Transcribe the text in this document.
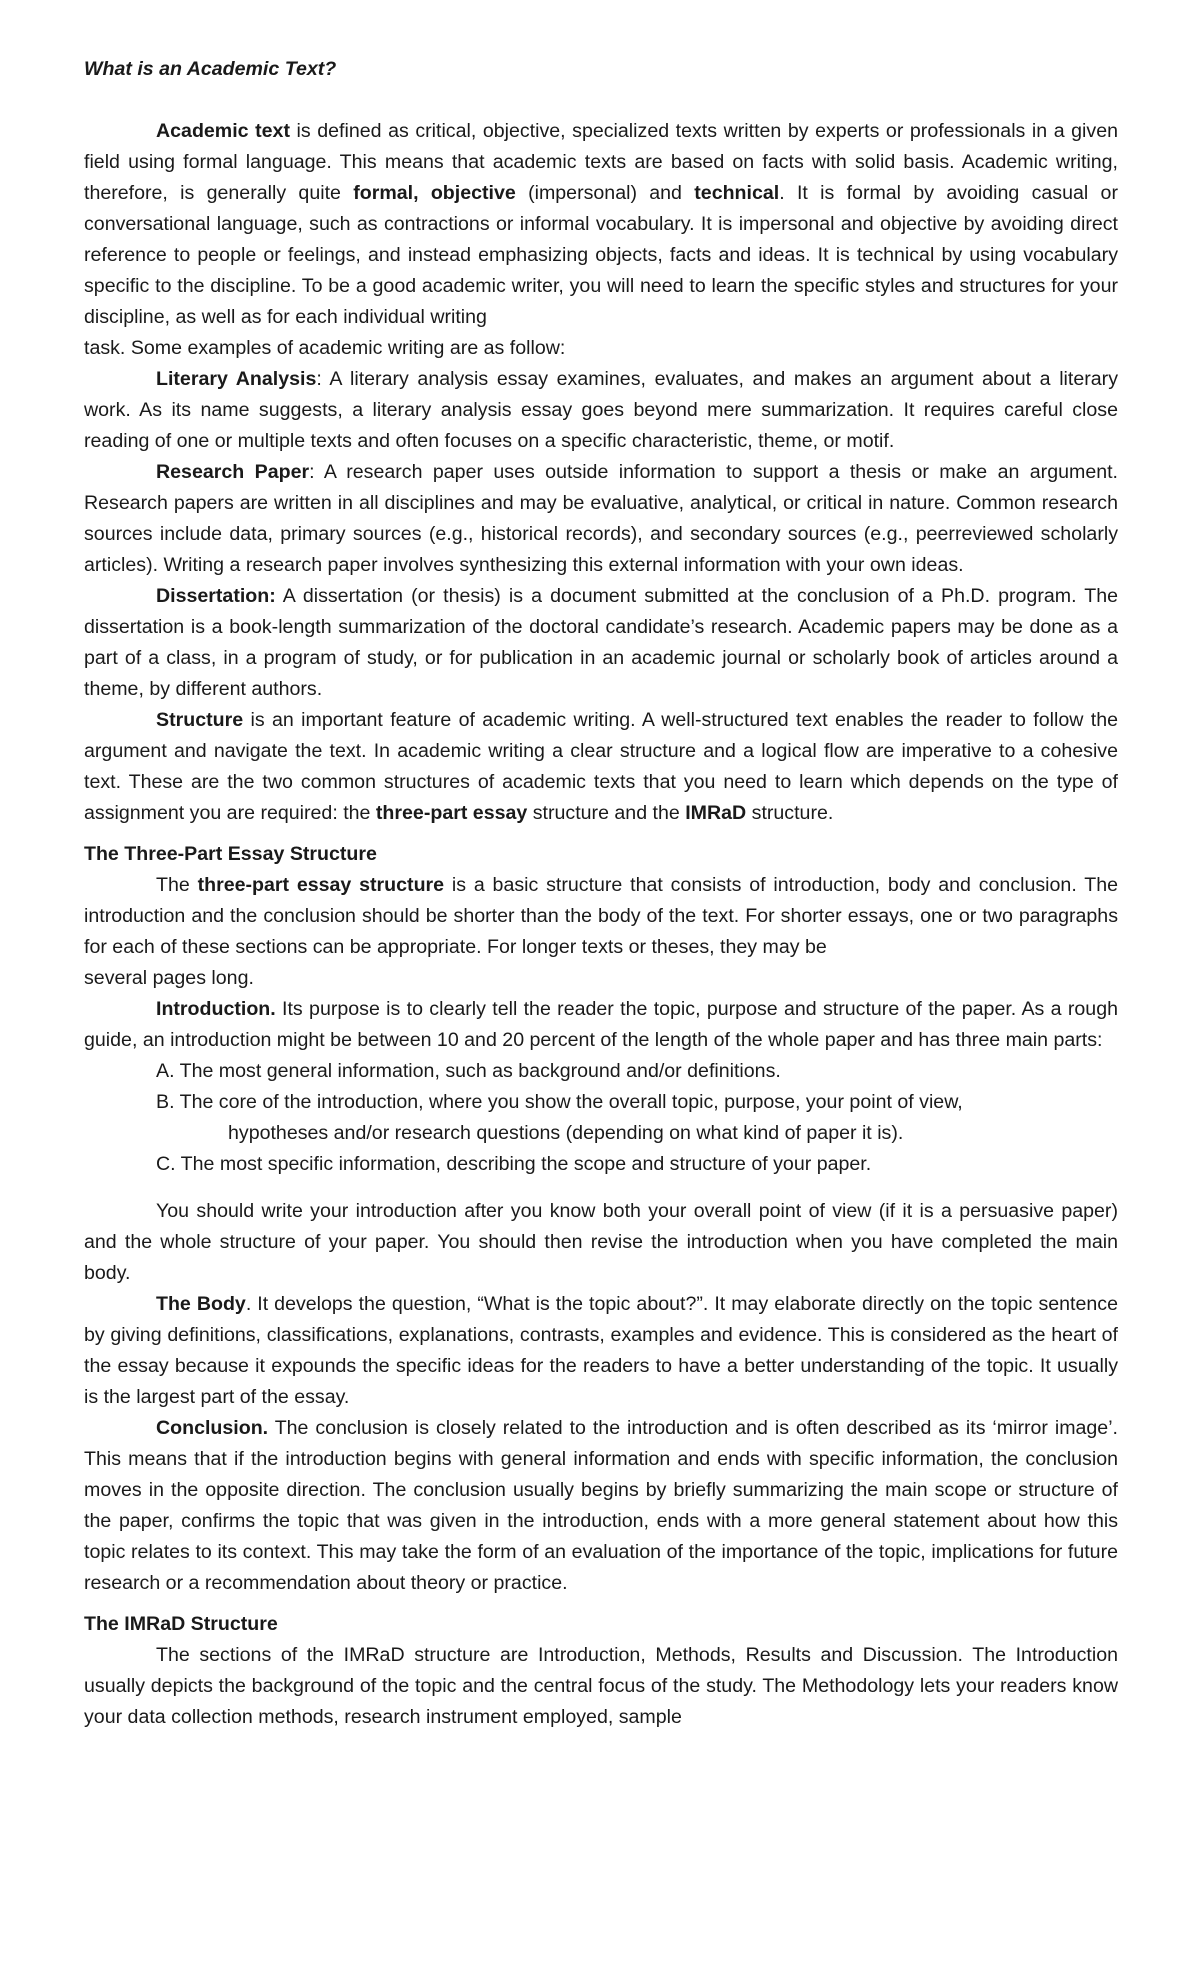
What is an Academic Text?

Academic text is defined as critical, objective, specialized texts written by experts or professionals in a given field using formal language. This means that academic texts are based on facts with solid basis. Academic writing, therefore, is generally quite formal, objective (impersonal) and technical. It is formal by avoiding casual or conversational language, such as contractions or informal vocabulary. It is impersonal and objective by avoiding direct reference to people or feelings, and instead emphasizing objects, facts and ideas. It is technical by using vocabulary specific to the discipline. To be a good academic writer, you will need to learn the specific styles and structures for your discipline, as well as for each individual writing

task. Some examples of academic writing are as follow:

Literary Analysis: A literary analysis essay examines, evaluates, and makes an argument about a literary work. As its name suggests, a literary analysis essay goes beyond mere summarization. It requires careful close reading of one or multiple texts and often focuses on a specific characteristic, theme, or motif.

Research Paper: A research paper uses outside information to support a thesis or make an argument. Research papers are written in all disciplines and may be evaluative, analytical, or critical in nature. Common research sources include data, primary sources (e.g., historical records), and secondary sources (e.g., peerreviewed scholarly articles). Writing a research paper involves synthesizing this external information with your own ideas.

Dissertation: A dissertation (or thesis) is a document submitted at the conclusion of a Ph.D. program. The dissertation is a book-length summarization of the doctoral candidate’s research. Academic papers may be done as a part of a class, in a program of study, or for publication in an academic journal or scholarly book of articles around a theme, by different authors.

Structure is an important feature of academic writing. A well-structured text enables the reader to follow the argument and navigate the text. In academic writing a clear structure and a logical flow are imperative to a cohesive text. These are the two common structures of academic texts that you need to learn which depends on the type of assignment you are required: the three-part essay structure and the IMRaD structure.

The Three-Part Essay Structure

The three-part essay structure is a basic structure that consists of introduction, body and conclusion. The introduction and the conclusion should be shorter than the body of the text. For shorter essays, one or two paragraphs for each of these sections can be appropriate. For longer texts or theses, they may be

several pages long.

Introduction. Its purpose is to clearly tell the reader the topic, purpose and structure of the paper. As a rough guide, an introduction might be between 10 and 20 percent of the length of the whole paper and has three main parts:

A. The most general information, such as background and/or definitions.

B. The core of the introduction, where you show the overall topic, purpose, your point of view,

hypotheses and/or research questions (depending on what kind of paper it is).

C. The most specific information, describing the scope and structure of your paper.

You should write your introduction after you know both your overall point of view (if it is a persuasive paper) and the whole structure of your paper. You should then revise the introduction when you have completed the main body.

The Body. It develops the question, “What is the topic about?”. It may elaborate directly on the topic sentence by giving definitions, classifications, explanations, contrasts, examples and evidence. This is considered as the heart of the essay because it expounds the specific ideas for the readers to have a better understanding of the topic. It usually is the largest part of the essay.

Conclusion. The conclusion is closely related to the introduction and is often described as its ‘mirror image’. This means that if the introduction begins with general information and ends with specific information, the conclusion moves in the opposite direction. The conclusion usually begins by briefly summarizing the main scope or structure of the paper, confirms the topic that was given in the introduction, ends with a more general statement about how this topic relates to its context. This may take the form of an evaluation of the importance of the topic, implications for future research or a recommendation about theory or practice.

The IMRaD Structure

The sections of the IMRaD structure are Introduction, Methods, Results and Discussion. The Introduction usually depicts the background of the topic and the central focus of the study. The Methodology lets your readers know your data collection methods, research instrument employed, sample
